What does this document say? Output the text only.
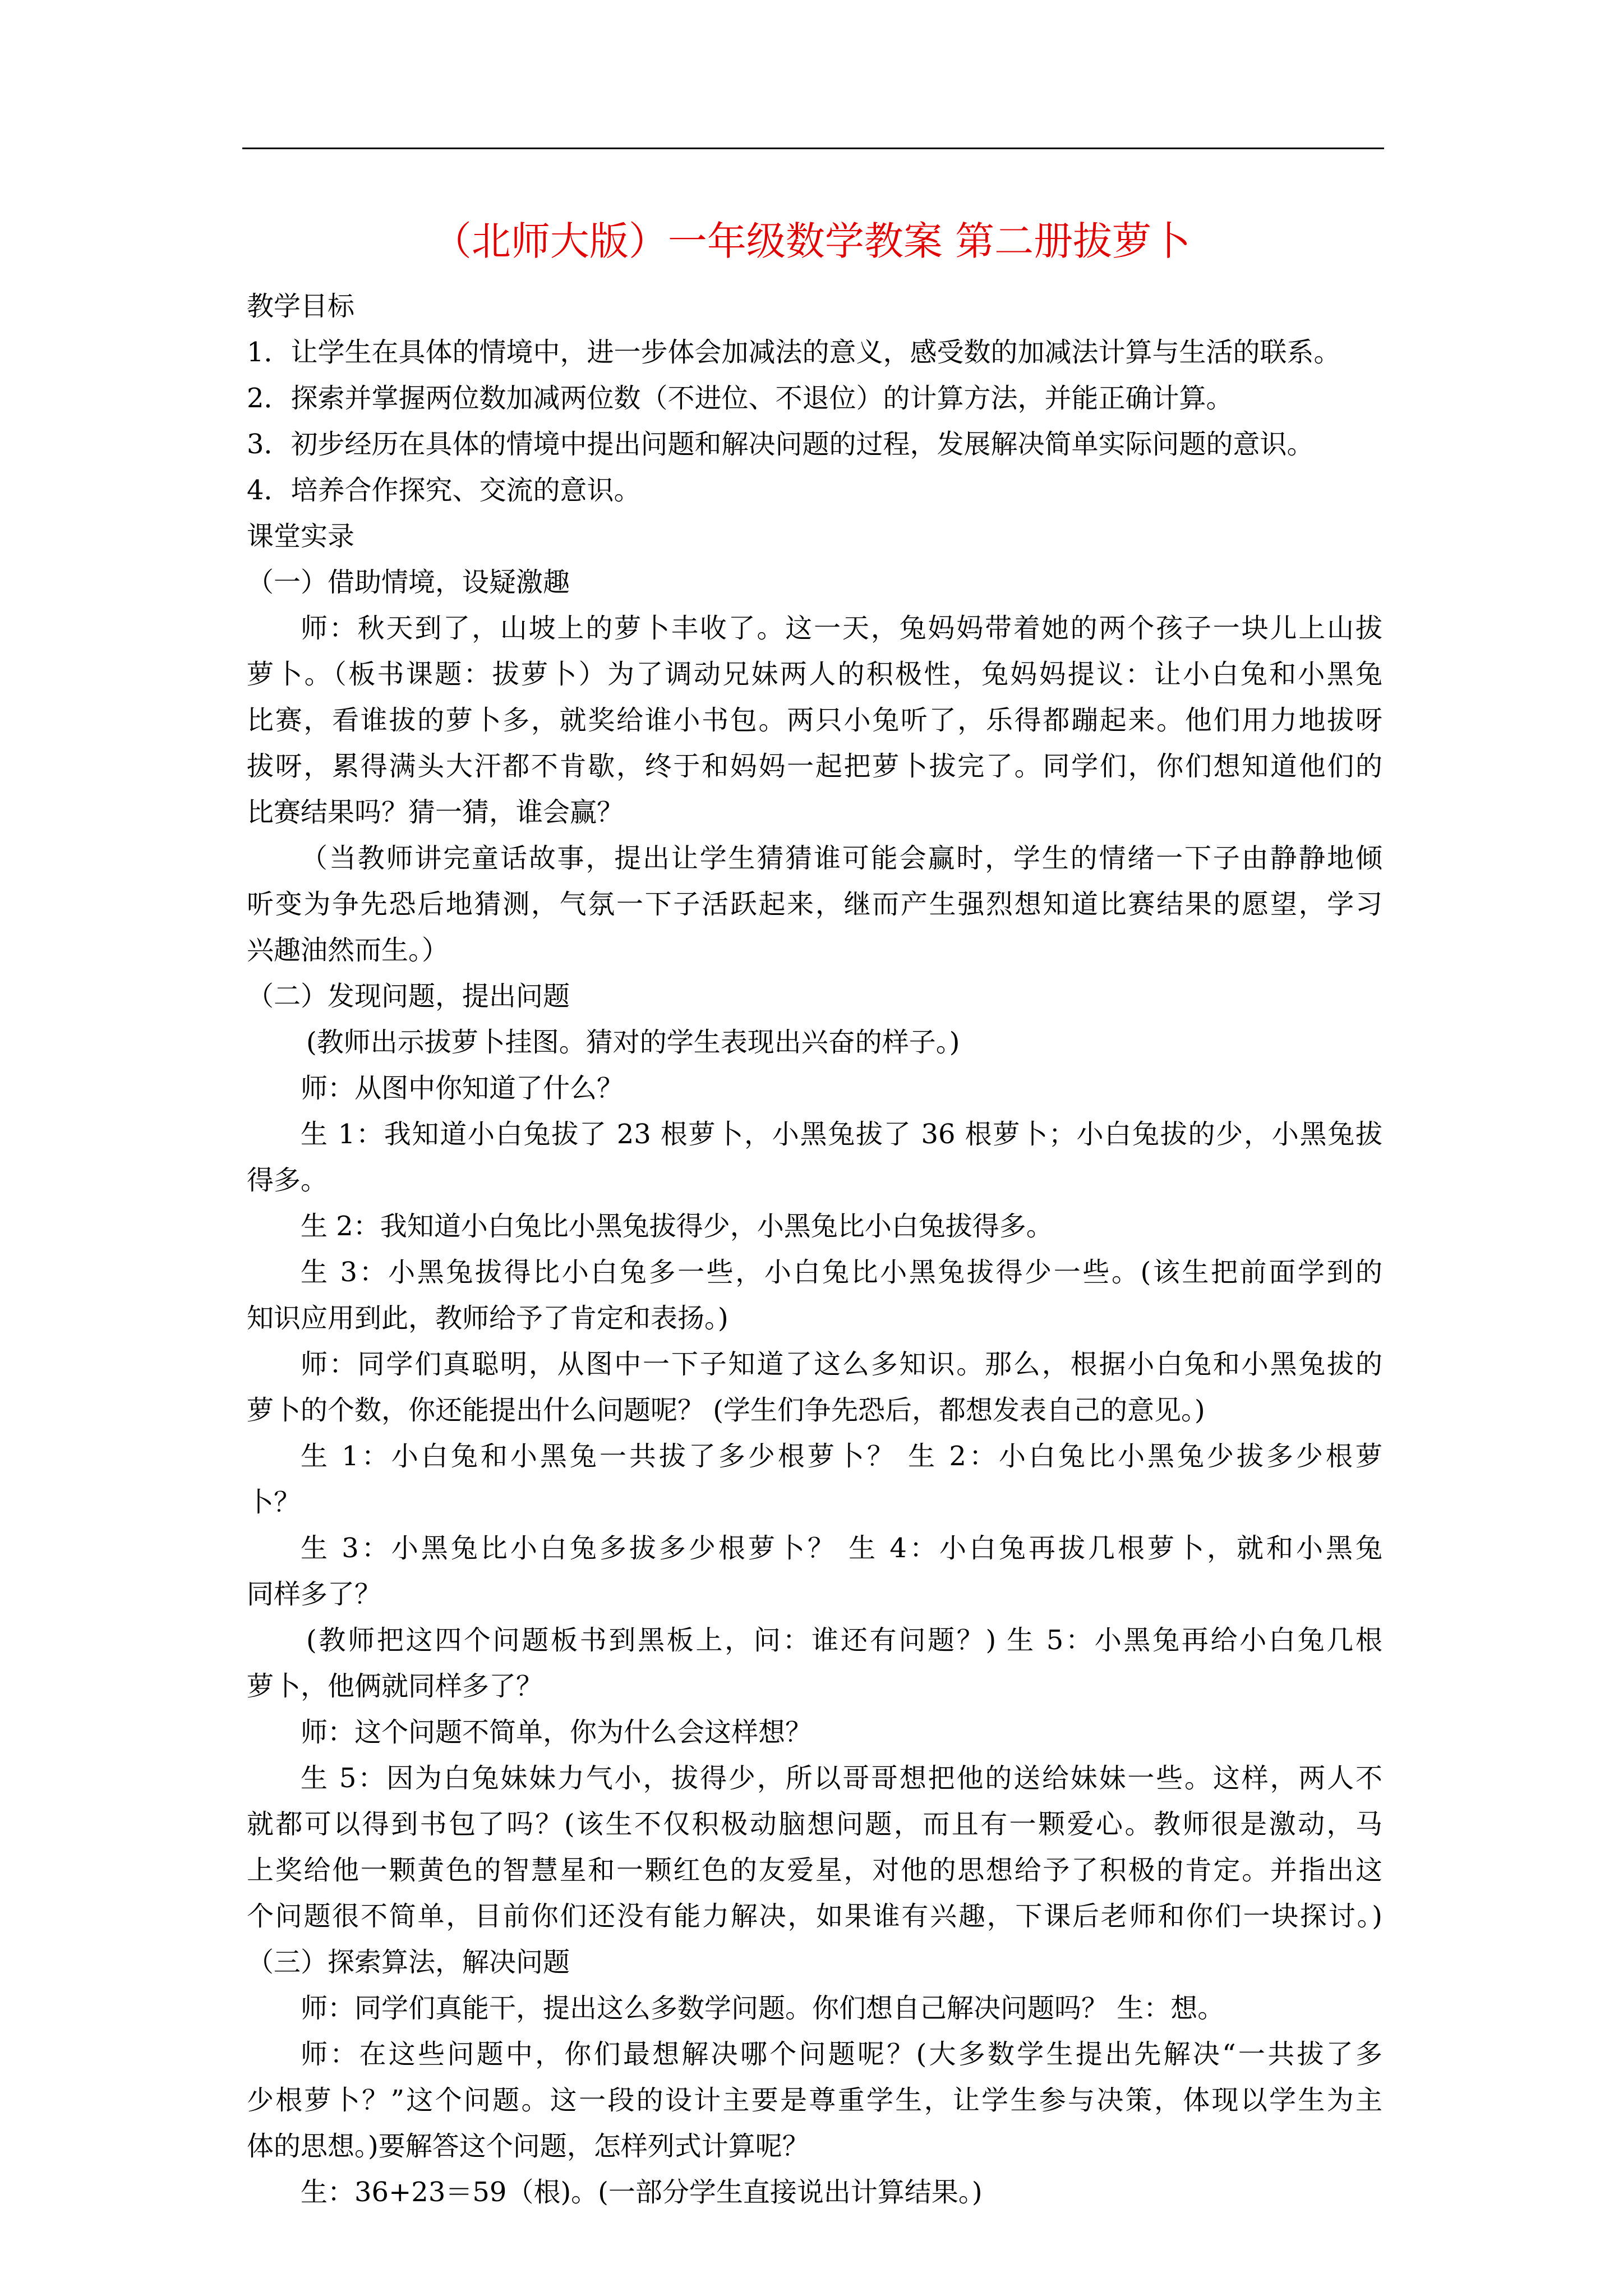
（北师大版）一年级数学教案 第二册拔萝卜
教学目标
1．让学生在具体的情境中，进一步体会加减法的意义，感受数的加减法计算与生活的联系。
2．探索并掌握两位数加减两位数（不进位、不退位）的计算方法，并能正确计算。
3．初步经历在具体的情境中提出问题和解决问题的过程，发展解决简单实际问题的意识。
4．培养合作探究、交流的意识。
课堂实录
（一）借助情境，设疑激趣
师：秋天到了，山坡上的萝卜丰收了。这一天，兔妈妈带着她的两个孩子一块儿上山拔
萝卜。（板书课题：拔萝卜）为了调动兄妹两人的积极性，兔妈妈提议：让小白兔和小黑兔
比赛，看谁拔的萝卜多，就奖给谁小书包。两只小兔听了，乐得都蹦起来。他们用力地拔呀
拔呀，累得满头大汗都不肯歇，终于和妈妈一起把萝卜拔完了。同学们，你们想知道他们的
比赛结果吗？猜一猜，谁会赢？
（当教师讲完童话故事，提出让学生猜猜谁可能会赢时，学生的情绪一下子由静静地倾
听变为争先恐后地猜测，气氛一下子活跃起来，继而产生强烈想知道比赛结果的愿望，学习
兴趣油然而生。）
（二）发现问题，提出问题
(教师出示拔萝卜挂图。猜对的学生表现出兴奋的样子。)
师：从图中你知道了什么？
生 1：我知道小白兔拔了 23 根萝卜，小黑兔拔了 36 根萝卜；小白兔拔的少，小黑兔拔
得多。
生 2：我知道小白兔比小黑兔拔得少，小黑兔比小白兔拔得多。
生 3：小黑兔拔得比小白兔多一些，小白兔比小黑兔拔得少一些。(该生把前面学到的
知识应用到此，教师给予了肯定和表扬。)
师：同学们真聪明，从图中一下子知道了这么多知识。那么，根据小白兔和小黑兔拔的
萝卜的个数，你还能提出什么问题呢？ (学生们争先恐后，都想发表自己的意见。)
生 1：小白兔和小黑兔一共拔了多少根萝卜？ 生 2：小白兔比小黑兔少拔多少根萝
卜？
生 3：小黑兔比小白兔多拔多少根萝卜？ 生 4：小白兔再拔几根萝卜，就和小黑兔
同样多了？
(教师把这四个问题板书到黑板上，问：谁还有问题？) 生 5：小黑兔再给小白兔几根
萝卜，他俩就同样多了？
师：这个问题不简单，你为什么会这样想？
生 5：因为白兔妹妹力气小，拔得少，所以哥哥想把他的送给妹妹一些。这样，两人不
就都可以得到书包了吗？(该生不仅积极动脑想问题，而且有一颗爱心。教师很是激动，马
上奖给他一颗黄色的智慧星和一颗红色的友爱星，对他的思想给予了积极的肯定。并指出这
个问题很不简单，目前你们还没有能力解决，如果谁有兴趣，下课后老师和你们一块探讨。)
（三）探索算法，解决问题
师：同学们真能干，提出这么多数学问题。你们想自己解决问题吗？ 生：想。
师：在这些问题中，你们最想解决哪个问题呢？(大多数学生提出先解决“一共拔了多
少根萝卜？”这个问题。这一段的设计主要是尊重学生，让学生参与决策，体现以学生为主
体的思想。)要解答这个问题，怎样列式计算呢？
生：36+23＝59（根)。(一部分学生直接说出计算结果。)
